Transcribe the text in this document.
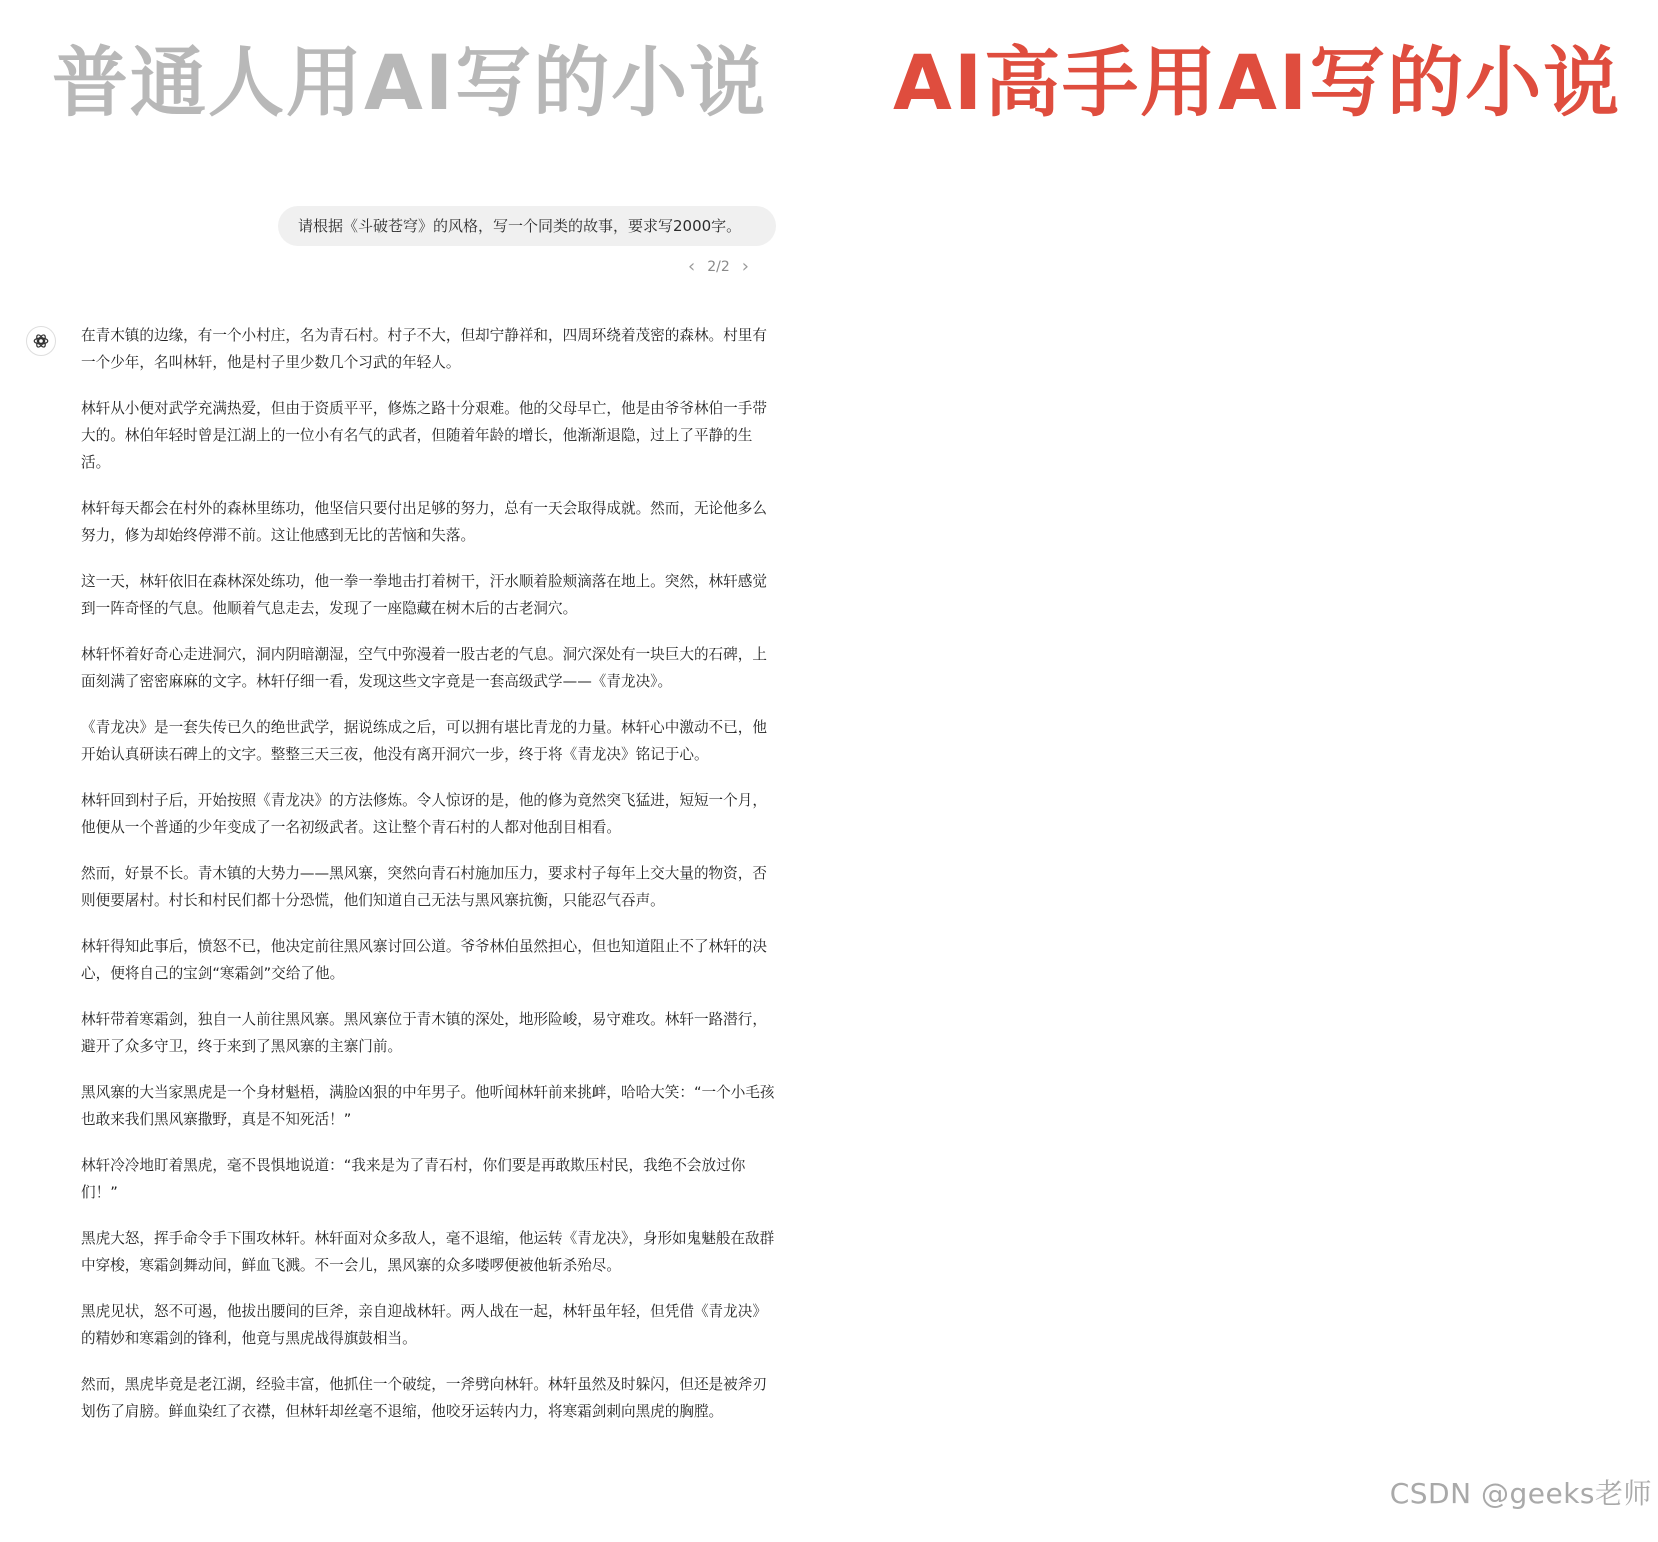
普通人用AI写的小说 AI高手用AI写的小说
请根据《斗破苍穹》的风格，写一个同类的故事，要求写2000字。
‹ 2/2 ›

在青木镇的边缘，有一个小村庄，名为青石村。村子不大，但却宁静祥和，四周环绕着茂密的森林。村里有一个少年，名叫林轩，他是村子里少数几个习武的年轻人。

林轩从小便对武学充满热爱，但由于资质平平，修炼之路十分艰难。他的父母早亡，他是由爷爷林伯一手带大的。林伯年轻时曾是江湖上的一位小有名气的武者，但随着年龄的增长，他渐渐退隐，过上了平静的生活。

林轩每天都会在村外的森林里练功，他坚信只要付出足够的努力，总有一天会取得成就。然而，无论他多么努力，修为却始终停滞不前。这让他感到无比的苦恼和失落。

这一天，林轩依旧在森林深处练功，他一拳一拳地击打着树干，汗水顺着脸颊滴落在地上。突然，林轩感觉到一阵奇怪的气息。他顺着气息走去，发现了一座隐藏在树木后的古老洞穴。

林轩怀着好奇心走进洞穴，洞内阴暗潮湿，空气中弥漫着一股古老的气息。洞穴深处有一块巨大的石碑，上面刻满了密密麻麻的文字。林轩仔细一看，发现这些文字竟是一套高级武学——《青龙决》。

《青龙决》是一套失传已久的绝世武学，据说练成之后，可以拥有堪比青龙的力量。林轩心中激动不已，他开始认真研读石碑上的文字。整整三天三夜，他没有离开洞穴一步，终于将《青龙决》铭记于心。

林轩回到村子后，开始按照《青龙决》的方法修炼。令人惊讶的是，他的修为竟然突飞猛进，短短一个月，他便从一个普通的少年变成了一名初级武者。这让整个青石村的人都对他刮目相看。

然而，好景不长。青木镇的大势力——黑风寨，突然向青石村施加压力，要求村子每年上交大量的物资，否则便要屠村。村长和村民们都十分恐慌，他们知道自己无法与黑风寨抗衡，只能忍气吞声。

林轩得知此事后，愤怒不已，他决定前往黑风寨讨回公道。爷爷林伯虽然担心，但也知道阻止不了林轩的决心，便将自己的宝剑“寒霜剑”交给了他。

林轩带着寒霜剑，独自一人前往黑风寨。黑风寨位于青木镇的深处，地形险峻，易守难攻。林轩一路潜行，避开了众多守卫，终于来到了黑风寨的主寨门前。

黑风寨的大当家黑虎是一个身材魁梧，满脸凶狠的中年男子。他听闻林轩前来挑衅，哈哈大笑：“一个小毛孩也敢来我们黑风寨撒野，真是不知死活！”

林轩冷冷地盯着黑虎，毫不畏惧地说道：“我来是为了青石村，你们要是再敢欺压村民，我绝不会放过你们！”

黑虎大怒，挥手命令手下围攻林轩。林轩面对众多敌人，毫不退缩，他运转《青龙决》，身形如鬼魅般在敌群中穿梭，寒霜剑舞动间，鲜血飞溅。不一会儿，黑风寨的众多喽啰便被他斩杀殆尽。

黑虎见状，怒不可遏，他拔出腰间的巨斧，亲自迎战林轩。两人战在一起，林轩虽年轻，但凭借《青龙决》的精妙和寒霜剑的锋利，他竟与黑虎战得旗鼓相当。

然而，黑虎毕竟是老江湖，经验丰富，他抓住一个破绽，一斧劈向林轩。林轩虽然及时躲闪，但还是被斧刃划伤了肩膀。鲜血染红了衣襟，但林轩却丝毫不退缩，他咬牙运转内力，将寒霜剑刺向黑虎的胸膛。

CSDN @geeks老师
